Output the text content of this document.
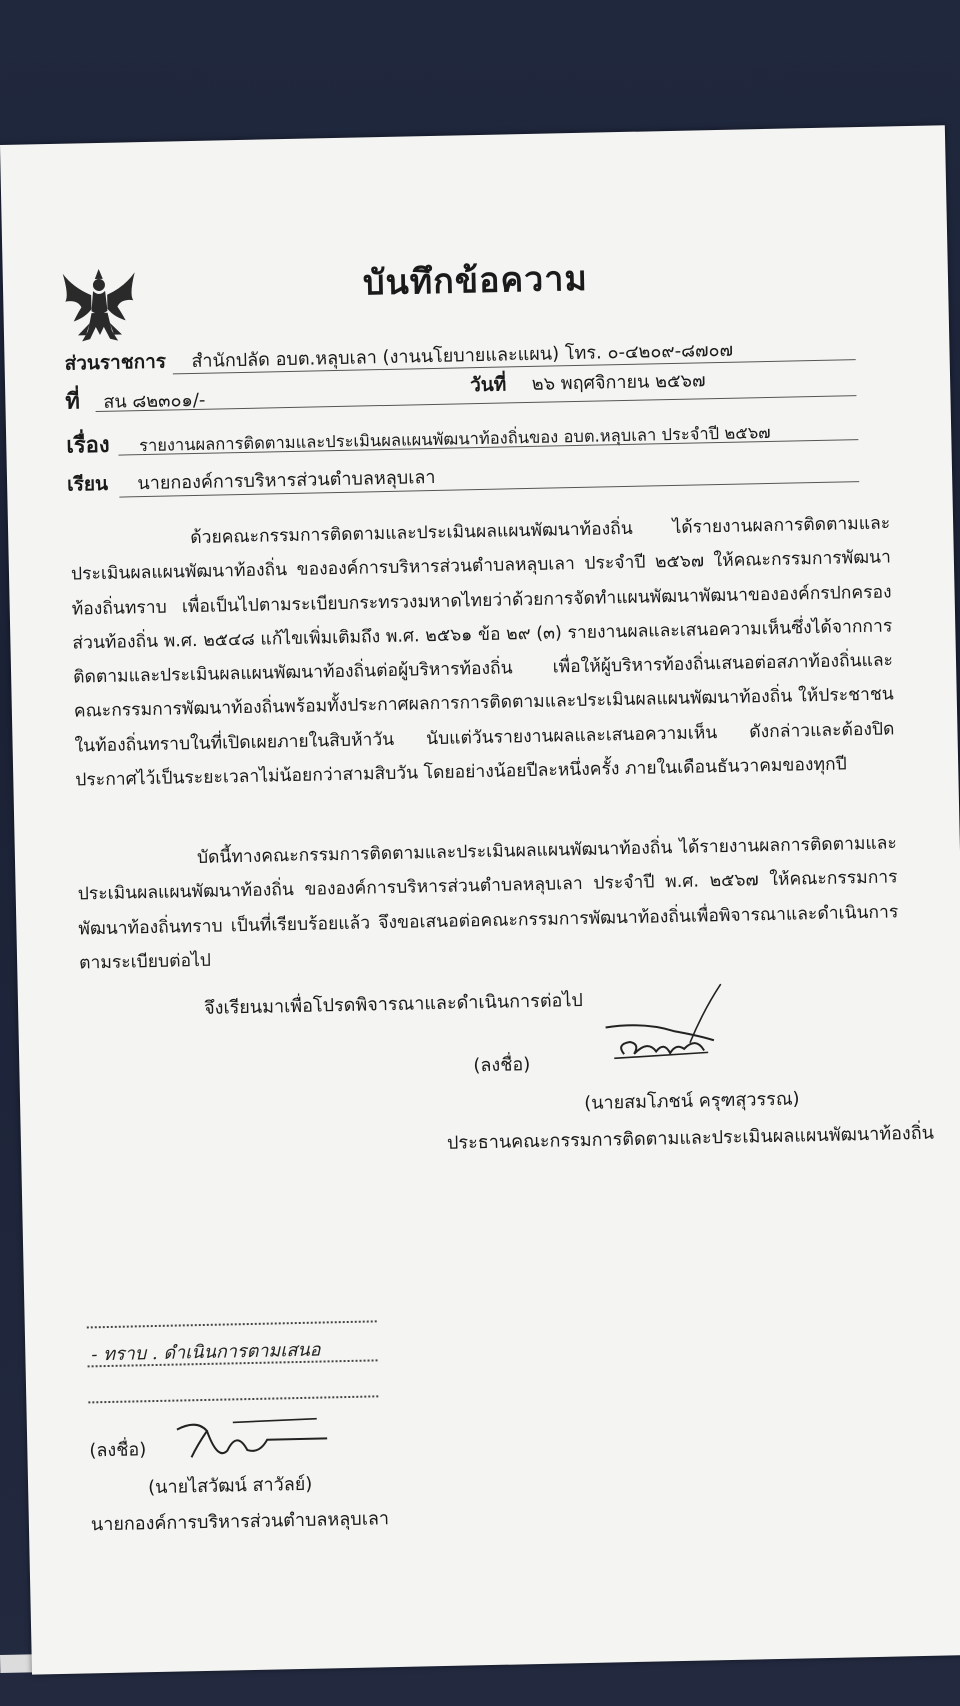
บันทึกข้อความ
ส่วนราชการ สำนักปลัด อบต.หลุบเลา (งานนโยบายและแผน) โทร. ๐-๔๒๐๙-๘๗๐๗
ที่ สน ๘๒๓๐๑/-
วันที่ ๒๖ พฤศจิกายน ๒๕๖๗
เรื่อง รายงานผลการติดตามและประเมินผลแผนพัฒนาท้องถิ่นของ อบต.หลุบเลา ประจำปี ๒๕๖๗
เรียน นายกองค์การบริหารส่วนตำบลหลุบเลา
ด้วยคณะกรรมการติดตามและประเมินผลแผนพัฒนาท้องถิ่น ได้รายงานผลการติดตามและประเมินผลแผนพัฒนาท้องถิ่น ขององค์การบริหารส่วนตำบลหลุบเลา ประจำปี ๒๕๖๗ ให้คณะกรรมการพัฒนาท้องถิ่นทราบ เพื่อเป็นไปตามระเบียบกระทรวงมหาดไทยว่าด้วยการจัดทำแผนพัฒนาพัฒนาขององค์กรปกครองส่วนท้องถิ่น พ.ศ. ๒๕๔๘ แก้ไขเพิ่มเติมถึง พ.ศ. ๒๕๖๑ ข้อ ๒๙ (๓) รายงานผลและเสนอความเห็นซึ่งได้จากการติดตามและประเมินผลแผนพัฒนาท้องถิ่นต่อผู้บริหารท้องถิ่น เพื่อให้ผู้บริหารท้องถิ่นเสนอต่อสภาท้องถิ่นและคณะกรรมการพัฒนาท้องถิ่นพร้อมทั้งประกาศผลการการติดตามและประเมินผลแผนพัฒนาท้องถิ่น ให้ประชาชนในท้องถิ่นทราบในที่เปิดเผยภายในสิบห้าวัน นับแต่วันรายงานผลและเสนอความเห็น ดังกล่าวและต้องปิดประกาศไว้เป็นระยะเวลาไม่น้อยกว่าสามสิบวัน โดยอย่างน้อยปีละหนึ่งครั้ง ภายในเดือนธันวาคมของทุกปี
บัดนี้ทางคณะกรรมการติดตามและประเมินผลแผนพัฒนาท้องถิ่น ได้รายงานผลการติดตามและประเมินผลแผนพัฒนาท้องถิ่น ขององค์การบริหารส่วนตำบลหลุบเลา ประจำปี พ.ศ. ๒๕๖๗ ให้คณะกรรมการพัฒนาท้องถิ่นทราบ เป็นที่เรียบร้อยแล้ว จึงขอเสนอต่อคณะกรรมการพัฒนาท้องถิ่นเพื่อพิจารณาและดำเนินการตามระเบียบต่อไป
จึงเรียนมาเพื่อโปรดพิจารณาและดำเนินการต่อไป
(ลงชื่อ)
(นายสมโภชน์ ครุฑสุวรรณ)
ประธานคณะกรรมการติดตามและประเมินผลแผนพัฒนาท้องถิ่น
- ทราบ . ดำเนินการตามเสนอ
(ลงชื่อ)
(นายไสวัฒน์ สาวัลย์)
นายกองค์การบริหารส่วนตำบลหลุบเลา
